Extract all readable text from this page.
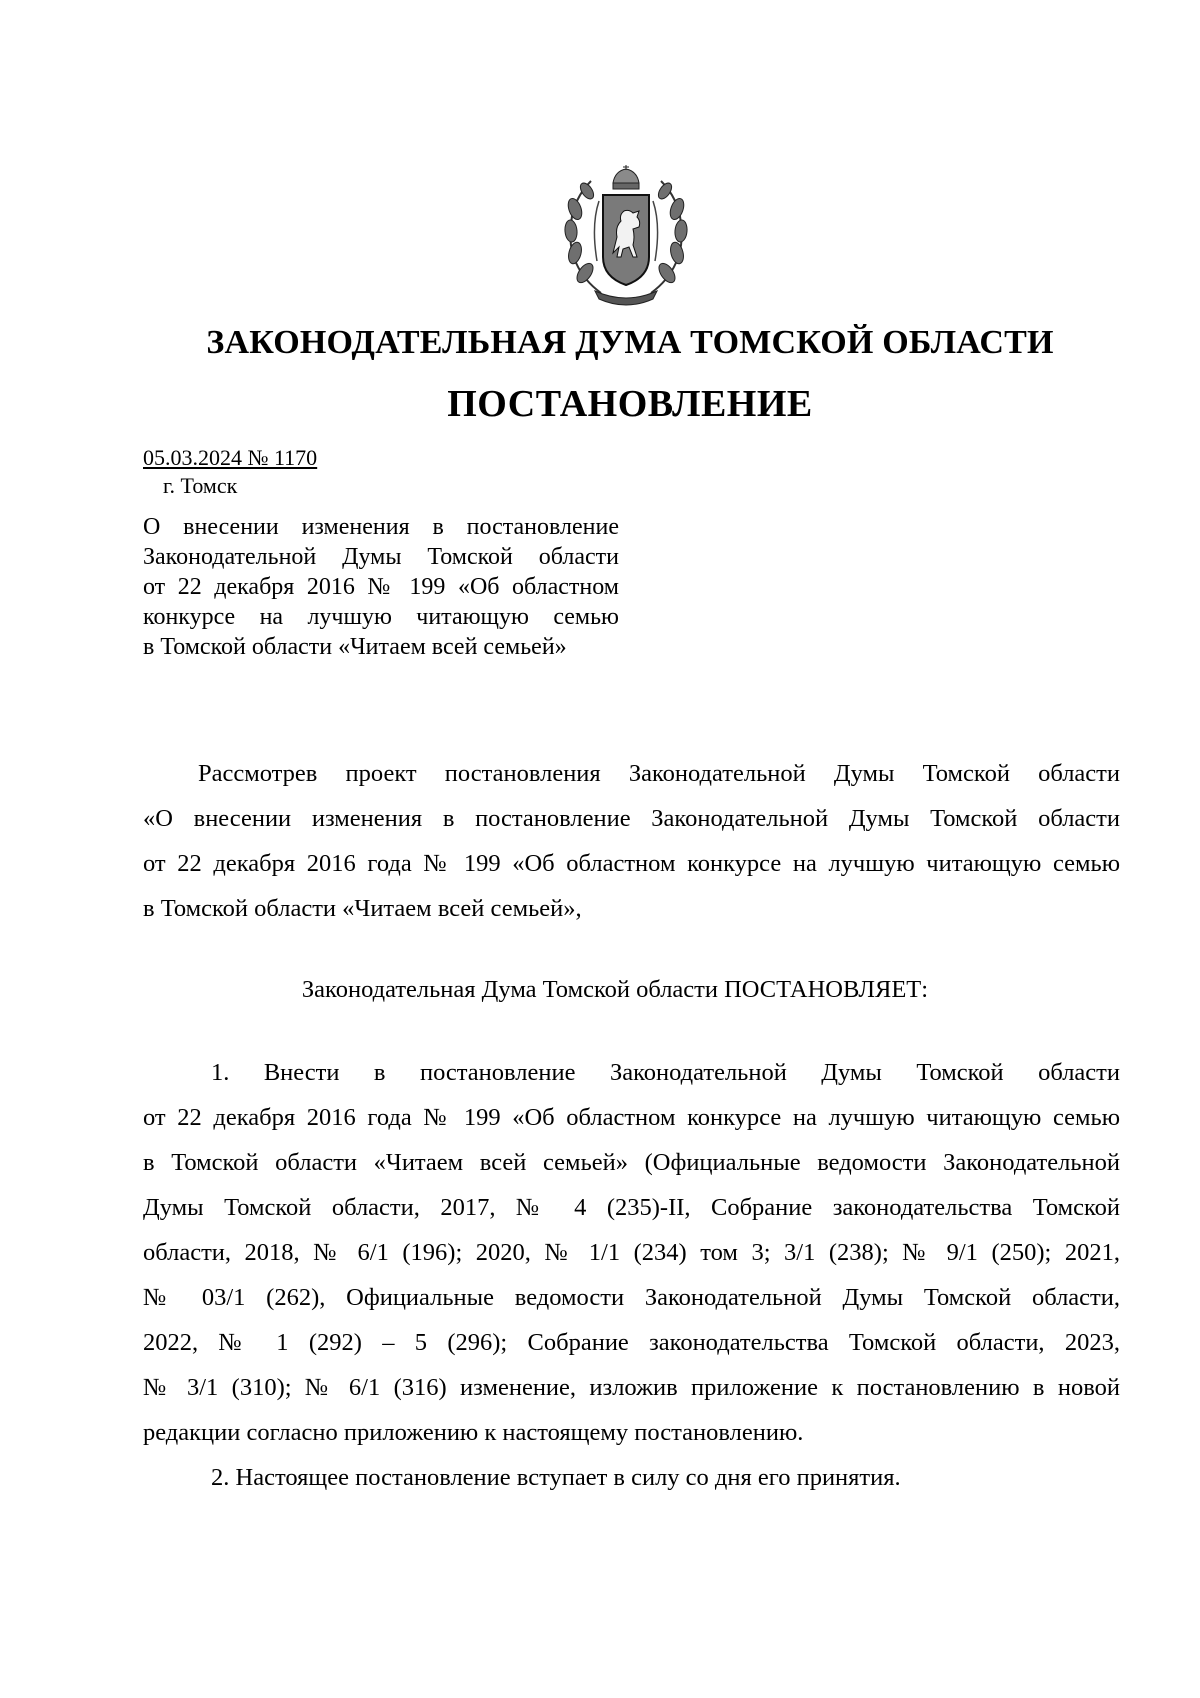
ЗАКОНОДАТЕЛЬНАЯ ДУМА ТОМСКОЙ ОБЛАСТИ
ПОСТАНОВЛЕНИЕ
05.03.2024 № 1170
г. Томск
О внесении изменения в постановление
Законодательной Думы Томской области
от 22 декабря 2016 № 199 «Об областном
конкурсе на лучшую читающую семью
в Томской области «Читаем всей семьей»
Рассмотрев проект постановления Законодательной Думы Томской области
«О внесении изменения в постановление Законодательной Думы Томской области
от 22 декабря 2016 года № 199 «Об областном конкурсе на лучшую читающую семью
в Томской области «Читаем всей семьей»,
Законодательная Дума Томской области ПОСТАНОВЛЯЕТ:
1. Внести в постановление Законодательной Думы Томской области
от 22 декабря 2016 года № 199 «Об областном конкурсе на лучшую читающую семью
в Томской области «Читаем всей семьей» (Официальные ведомости Законодательной
Думы Томской области, 2017, № 4 (235)-II, Собрание законодательства Томской
области, 2018, № 6/1 (196); 2020, № 1/1 (234) том 3; 3/1 (238); № 9/1 (250); 2021,
№ 03/1 (262), Официальные ведомости Законодательной Думы Томской области,
2022, № 1 (292) – 5 (296); Собрание законодательства Томской области, 2023,
№ 3/1 (310); № 6/1 (316) изменение, изложив приложение к постановлению в новой
редакции согласно приложению к настоящему постановлению.
2. Настоящее постановление вступает в силу со дня его принятия.
